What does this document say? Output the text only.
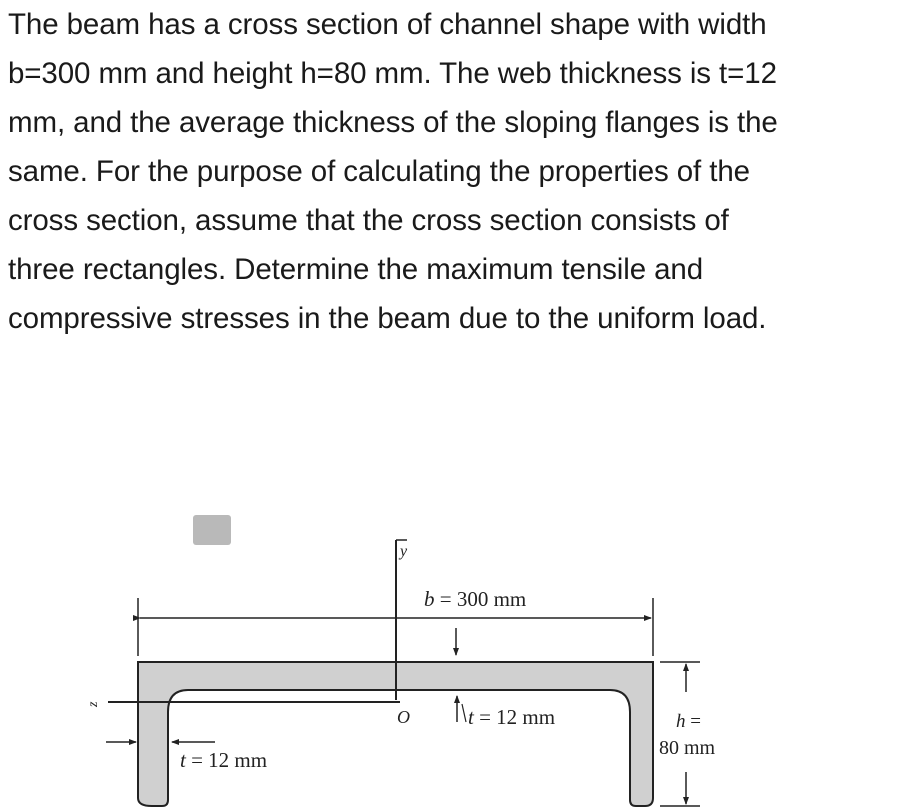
The beam has a cross section of channel shape with width
b=300 mm and height h=80 mm. The web thickness is t=12
mm, and the average thickness of the sloping flanges is the
same. For the purpose of calculating the properties of the
cross section, assume that the cross section consists of
three rectangles. Determine the maximum tensile and
compressive stresses in the beam due to the uniform load.
y
z
O
b = 300 mm
t = 12 mm
t = 12 mm
h =
80 mm
